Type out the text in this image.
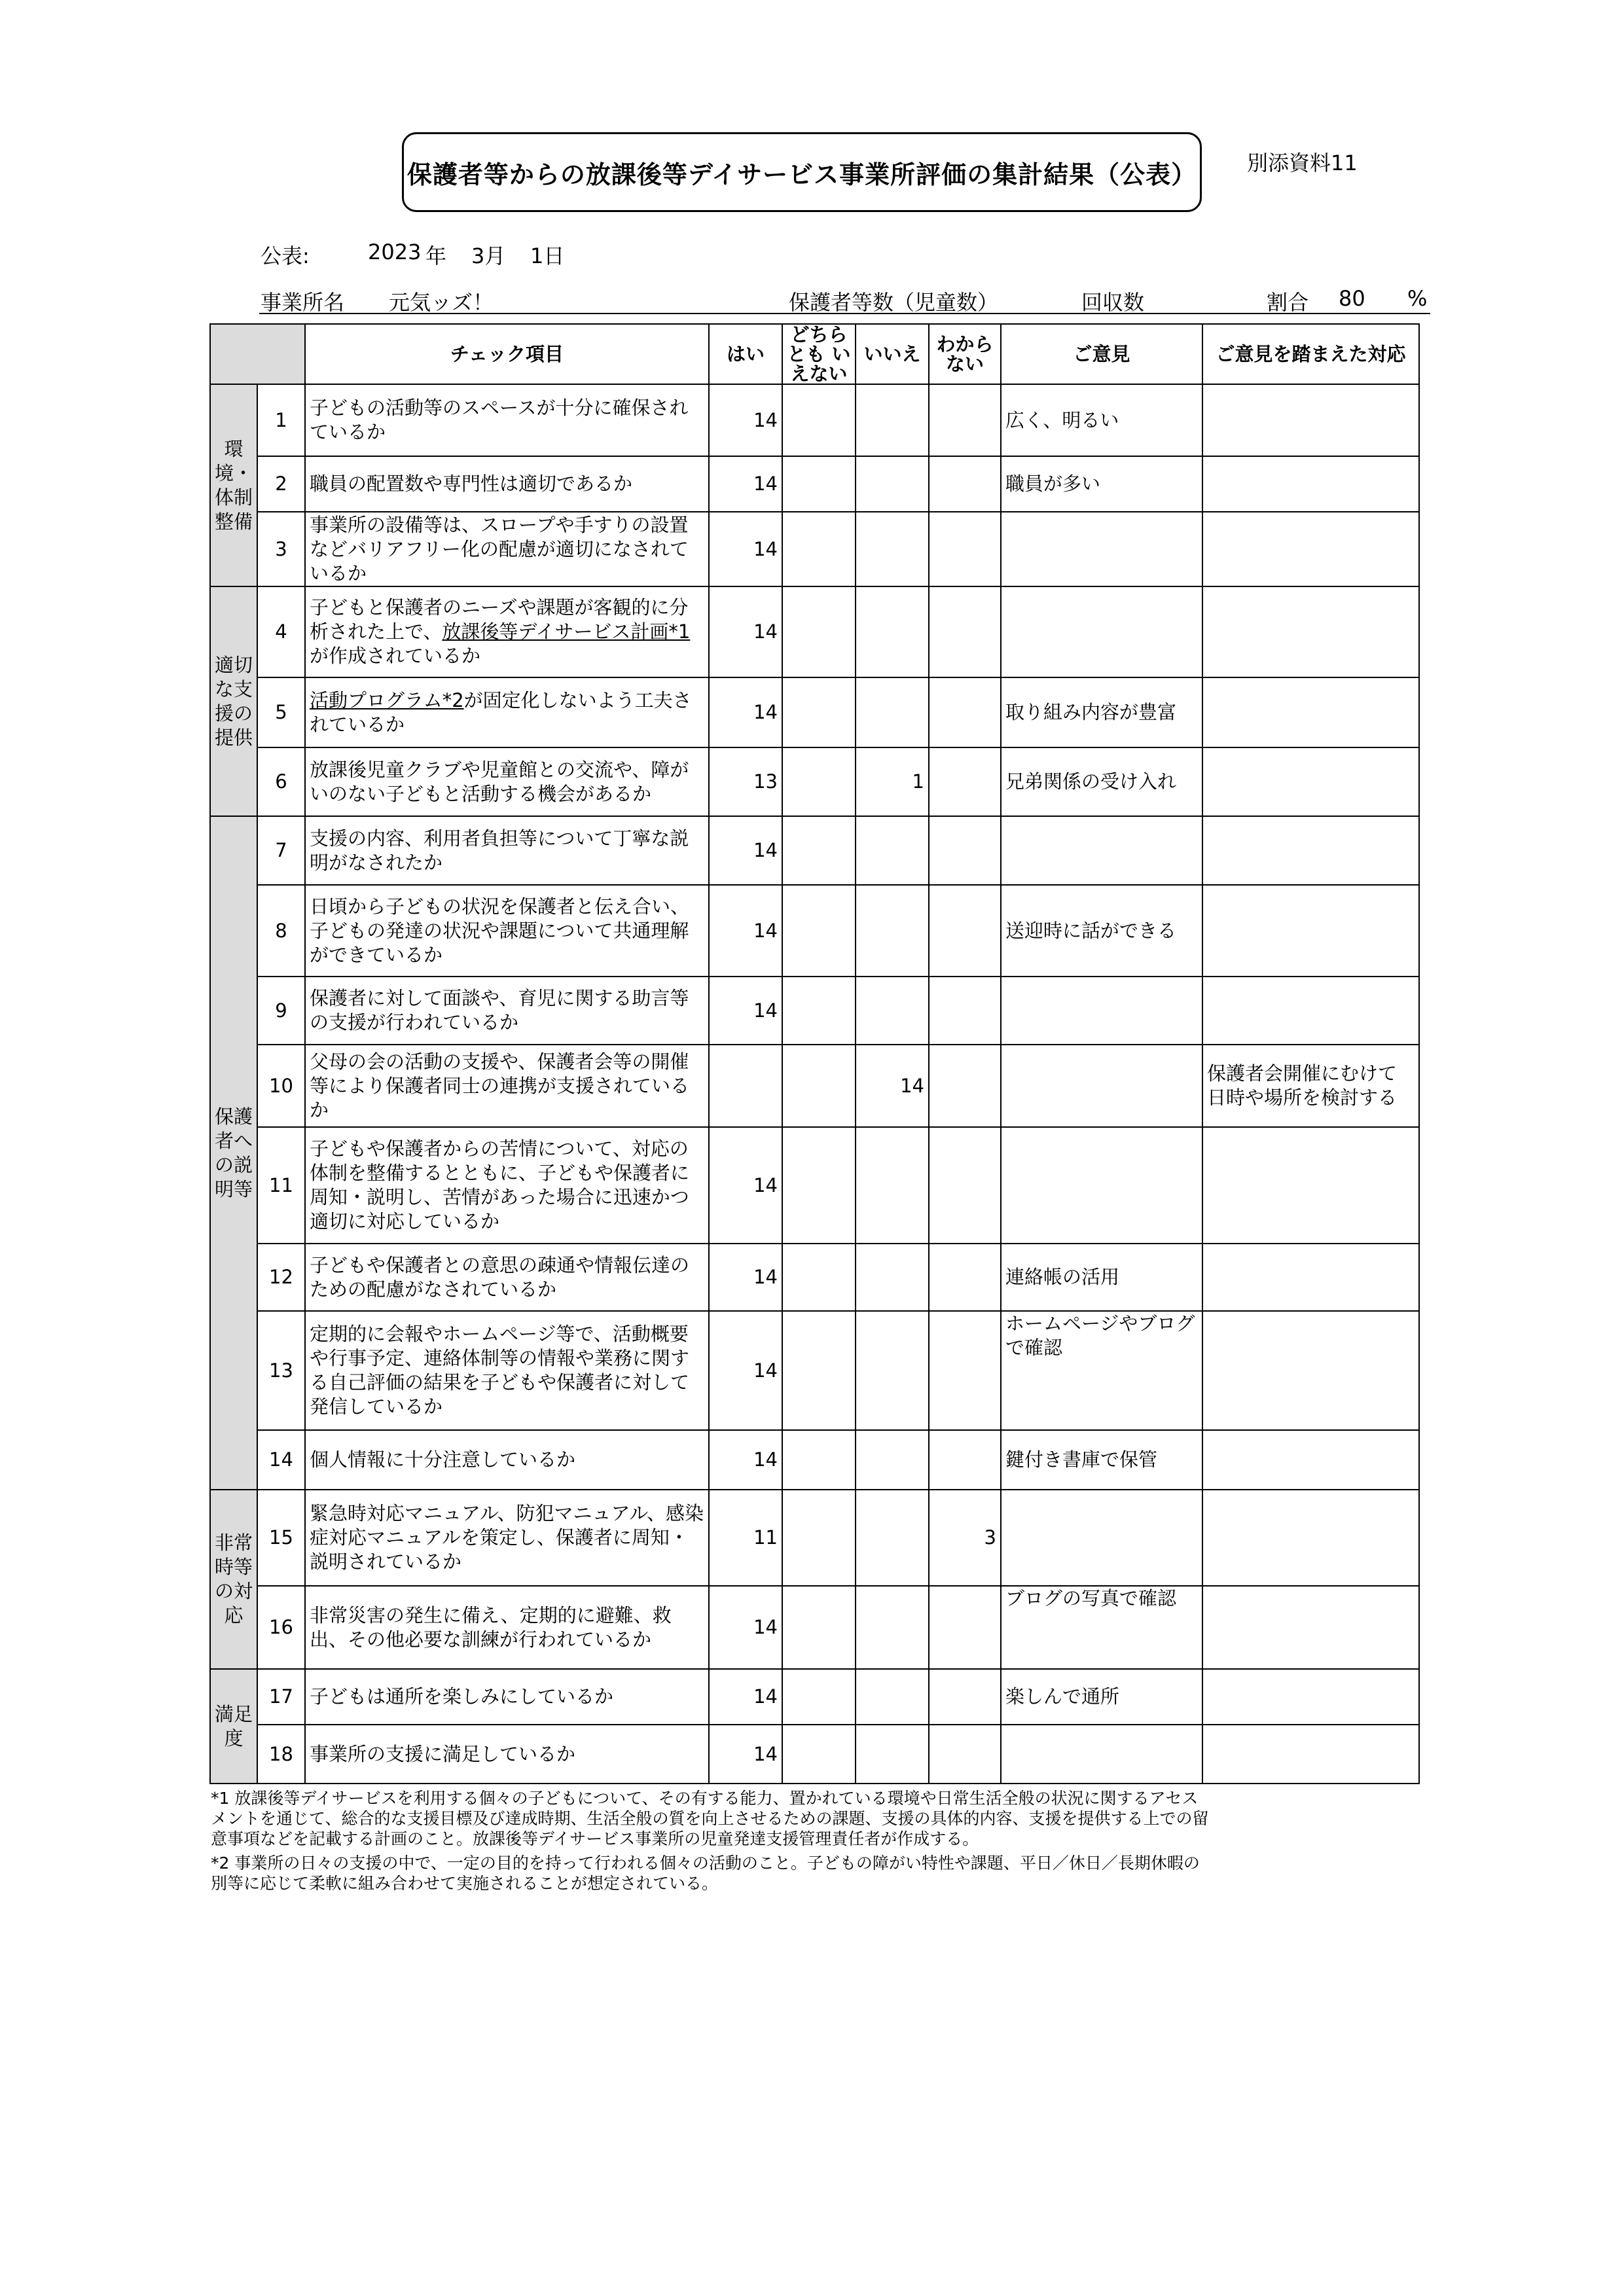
保護者等からの放課後等デイサービス事業所評価の集計結果（公表） 別添資料11
公表:	2023 年 3月 1日
事業所名 元気ッズ！	保護者等数（児童数）	回収数	割合 80 %
		チェック項目	はい	どちらとも いえない	いいえ	わからない	ご意見	ご意見を踏まえた対応
環境・体制整備	1	子どもの活動等のスペースが十分に確保されているか	14				広く、明るい	
	2	職員の配置数や専門性は適切であるか	14				職員が多い	
	3	事業所の設備等は、スロープや手すりの設置などバリアフリー化の配慮が適切になされているか	14					
適切な支援の提供	4	子どもと保護者のニーズや課題が客観的に分析された上で、放課後等デイサービス計画*1が作成されているか	14					
	5	活動プログラム*2が固定化しないよう工夫されているか	14				取り組み内容が豊富	
	6	放課後児童クラブや児童館との交流や、障がいのない子どもと活動する機会があるか	13		1		兄弟関係の受け入れ	
保護者への説明等	7	支援の内容、利用者負担等について丁寧な説明がなされたか	14					
	8	日頃から子どもの状況を保護者と伝え合い、子どもの発達の状況や課題について共通理解ができているか	14				送迎時に話ができる	
	9	保護者に対して面談や、育児に関する助言等の支援が行われているか	14					
	10	父母の会の活動の支援や、保護者会等の開催等により保護者同士の連携が支援されているか			14			保護者会開催にむけて日時や場所を検討する
	11	子どもや保護者からの苦情について、対応の体制を整備するとともに、子どもや保護者に周知・説明し、苦情があった場合に迅速かつ適切に対応しているか	14					
	12	子どもや保護者との意思の疎通や情報伝達のための配慮がなされているか	14				連絡帳の活用	
	13	定期的に会報やホームページ等で、活動概要や行事予定、連絡体制等の情報や業務に関する自己評価の結果を子どもや保護者に対して発信しているか	14				ホームページやブログで確認	
	14	個人情報に十分注意しているか	14				鍵付き書庫で保管	
非常時等の対応	15	緊急時対応マニュアル、防犯マニュアル、感染症対応マニュアルを策定し、保護者に周知・説明されているか	11			3		
	16	非常災害の発生に備え、定期的に避難、救出、その他必要な訓練が行われているか	14				ブログの写真で確認	
満足度	17	子どもは通所を楽しみにしているか	14				楽しんで通所	
	18	事業所の支援に満足しているか	14					

*1 放課後等デイサービスを利用する個々の子どもについて、その有する能力、置かれている環境や日常生活全般の状況に関するアセスメントを通じて、総合的な支援目標及び達成時期、生活全般の質を向上させるための課題、支援の具体的内容、支援を提供する上での留意事項などを記載する計画のこと。放課後等デイサービス事業所の児童発達支援管理責任者が作成する。

*2 事業所の日々の支援の中で、一定の目的を持って行われる個々の活動のこと。子どもの障がい特性や課題、平日／休日／長期休暇の別等に応じて柔軟に組み合わせて実施されることが想定されている。
